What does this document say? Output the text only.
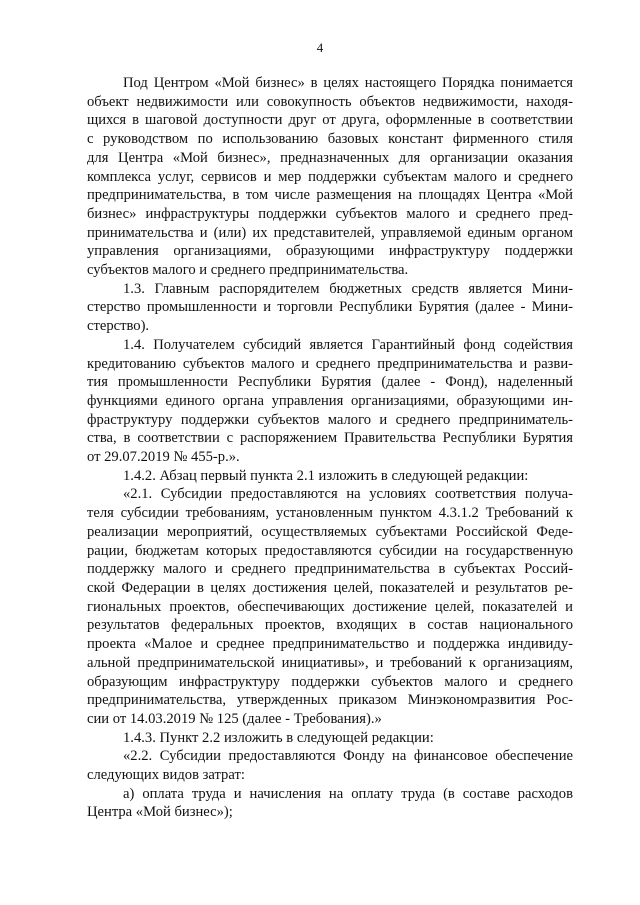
4
Под Центром «Мой бизнес» в целях настоящего Порядка понимается
объект недвижимости или совокупность объектов недвижимости, находя-
щихся в шаговой доступности друг от друга, оформленные в соответствии
с руководством по использованию базовых констант фирменного стиля
для Центра «Мой бизнес», предназначенных для организации оказания
комплекса услуг, сервисов и мер поддержки субъектам малого и среднего
предпринимательства, в том числе размещения на площадях Центра «Мой
бизнес» инфраструктуры поддержки субъектов малого и среднего пред-
принимательства и (или) их представителей, управляемой единым органом
управления организациями, образующими инфраструктуру поддержки
субъектов малого и среднего предпринимательства.
1.3. Главным распорядителем бюджетных средств является Мини-
стерство промышленности и торговли Республики Бурятия (далее - Мини-
стерство).
1.4. Получателем субсидий является Гарантийный фонд содействия
кредитованию субъектов малого и среднего предпринимательства и разви-
тия промышленности Республики Бурятия (далее - Фонд), наделенный
функциями единого органа управления организациями, образующими ин-
фраструктуру поддержки субъектов малого и среднего предприниматель-
ства, в соответствии с распоряжением Правительства Республики Бурятия
от 29.07.2019 № 455-р.».
1.4.2. Абзац первый пункта 2.1 изложить в следующей редакции:
«2.1. Субсидии предоставляются на условиях соответствия получа-
теля субсидии требованиям, установленным пунктом 4.3.1.2 Требований к
реализации мероприятий, осуществляемых субъектами Российской Феде-
рации, бюджетам которых предоставляются субсидии на государственную
поддержку малого и среднего предпринимательства в субъектах Россий-
ской Федерации в целях достижения целей, показателей и результатов ре-
гиональных проектов, обеспечивающих достижение целей, показателей и
результатов федеральных проектов, входящих в состав национального
проекта «Малое и среднее предпринимательство и поддержка индивиду-
альной предпринимательской инициативы», и требований к организациям,
образующим инфраструктуру поддержки субъектов малого и среднего
предпринимательства, утвержденных приказом Минэкономразвития Рос-
сии от 14.03.2019 № 125 (далее - Требования).»
1.4.3. Пункт 2.2 изложить в следующей редакции:
«2.2. Субсидии предоставляются Фонду на финансовое обеспечение
следующих видов затрат:
а) оплата труда и начисления на оплату труда (в составе расходов
Центра «Мой бизнес»);
